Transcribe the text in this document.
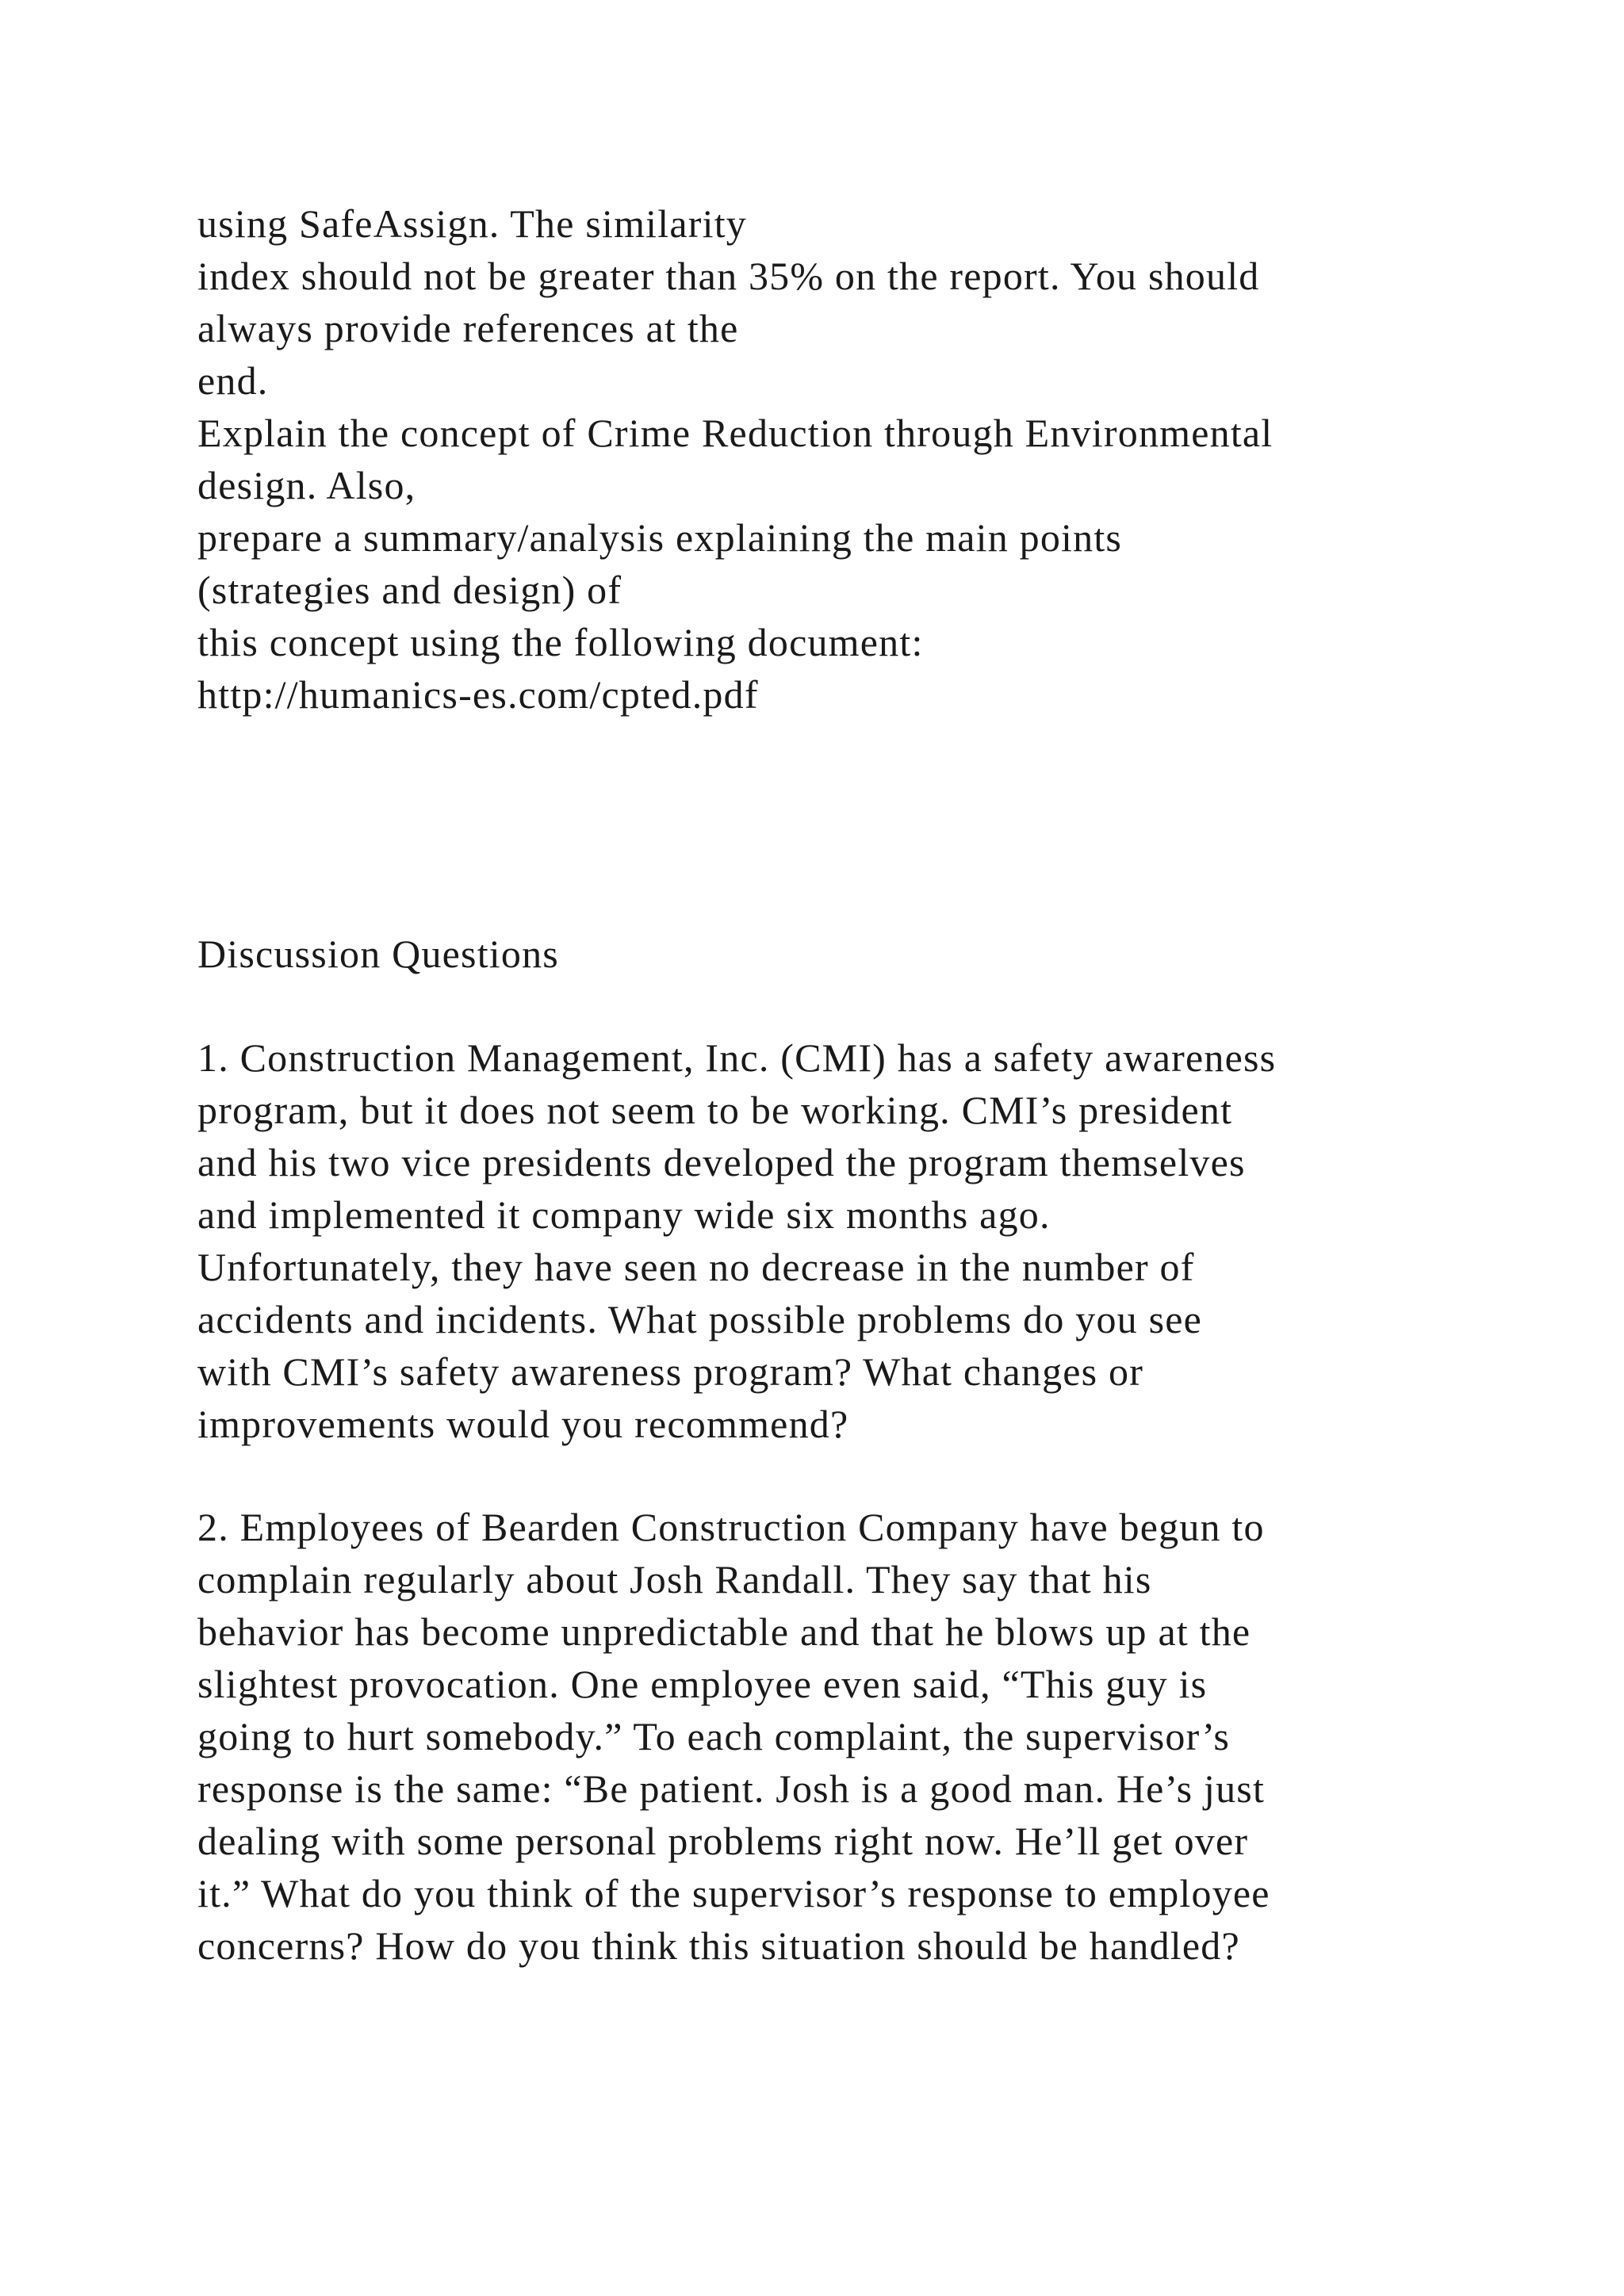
using SafeAssign. The similarity
index should not be greater than 35% on the report. You should
always provide references at the
end.
Explain the concept of Crime Reduction through Environmental
design. Also,
prepare a summary/analysis explaining the main points
(strategies and design) of
this concept using the following document:
http://humanics-es.com/cpted.pdf
Discussion Questions
1. Construction Management, Inc. (CMI) has a safety awareness
program, but it does not seem to be working. CMI’s president
and his two vice presidents developed the program themselves
and implemented it company wide six months ago.
Unfortunately, they have seen no decrease in the number of
accidents and incidents. What possible problems do you see
with CMI’s safety awareness program? What changes or
improvements would you recommend?
2. Employees of Bearden Construction Company have begun to
complain regularly about Josh Randall. They say that his
behavior has become unpredictable and that he blows up at the
slightest provocation. One employee even said, “This guy is
going to hurt somebody.” To each complaint, the supervisor’s
response is the same: “Be patient. Josh is a good man. He’s just
dealing with some personal problems right now. He’ll get over
it.” What do you think of the supervisor’s response to employee
concerns? How do you think this situation should be handled?
